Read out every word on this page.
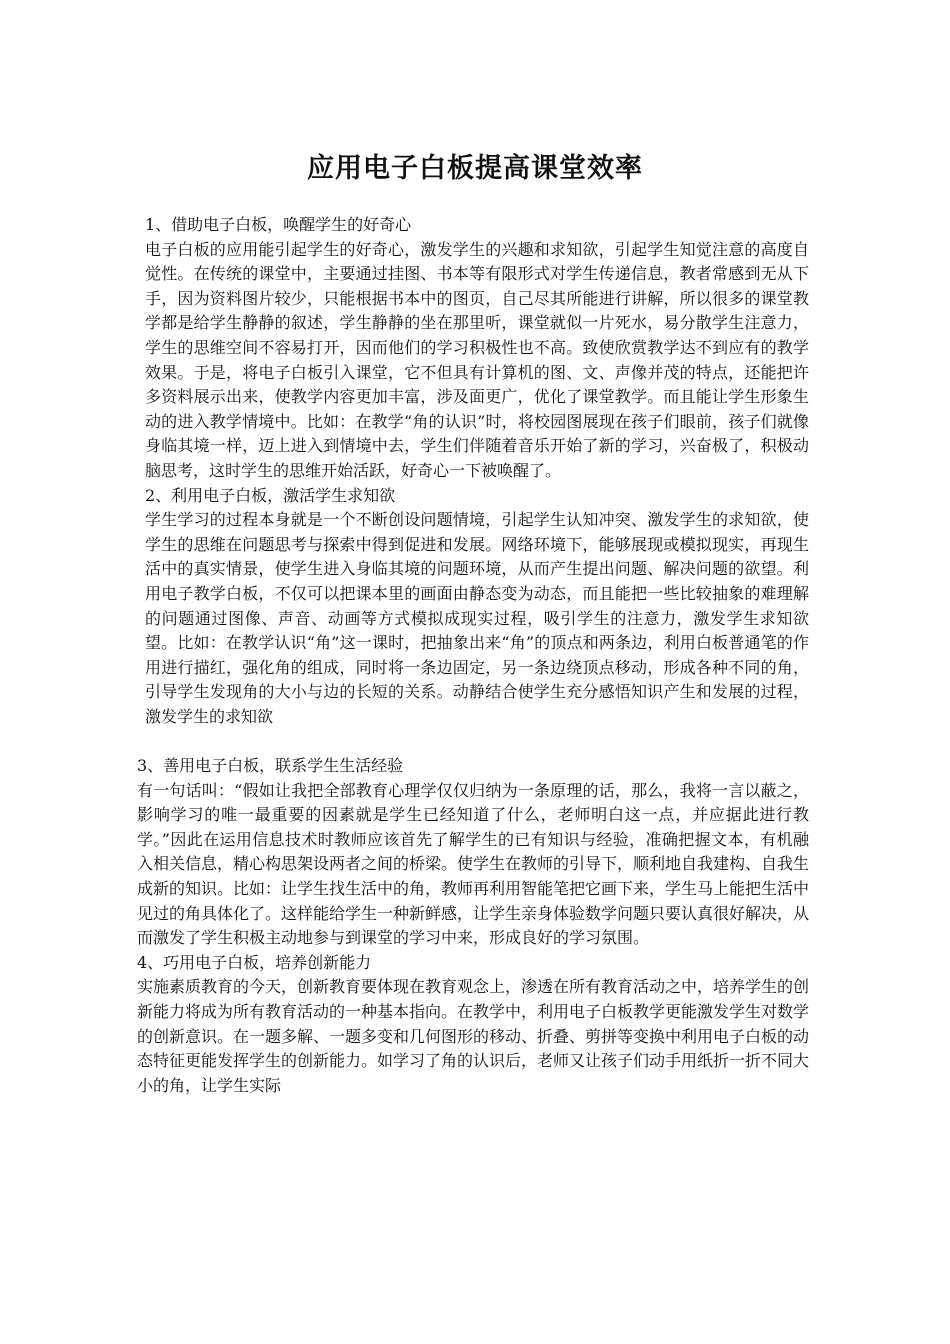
应用电子白板提高课堂效率

1、借助电子白板，唤醒学生的好奇心

电子白板的应用能引起学生的好奇心，激发学生的兴趣和求知欲，引起学生知觉注意的高度自觉性。在传统的课堂中，主要通过挂图、书本等有限形式对学生传递信息，教者常感到无从下手，因为资料图片较少，只能根据书本中的图页，自己尽其所能进行讲解，所以很多的课堂教学都是给学生静静的叙述，学生静静的坐在那里听，课堂就似一片死水，易分散学生注意力，学生的思维空间不容易打开，因而他们的学习积极性也不高。致使欣赏教学达不到应有的教学效果。于是，将电子白板引入课堂，它不但具有计算机的图、文、声像并茂的特点，还能把许多资料展示出来，使教学内容更加丰富，涉及面更广，优化了课堂教学。而且能让学生形象生动的进入教学情境中。比如：在教学“角的认识”时，将校园图展现在孩子们眼前，孩子们就像身临其境一样，迈上进入到情境中去，学生们伴随着音乐开始了新的学习，兴奋极了，积极动脑思考，这时学生的思维开始活跃，好奇心一下被唤醒了。

2、利用电子白板，激活学生求知欲

学生学习的过程本身就是一个不断创设问题情境，引起学生认知冲突、激发学生的求知欲，使学生的思维在问题思考与探索中得到促进和发展。网络环境下，能够展现或模拟现实，再现生活中的真实情景，使学生进入身临其境的问题环境，从而产生提出问题、解决问题的欲望。利用电子教学白板，不仅可以把课本里的画面由静态变为动态，而且能把一些比较抽象的难理解的问题通过图像、声音、动画等方式模拟成现实过程，吸引学生的注意力，激发学生求知欲望。比如：在教学认识“角”这一课时，把抽象出来“角”的顶点和两条边，利用白板普通笔的作用进行描红，强化角的组成，同时将一条边固定，另一条边绕顶点移动，形成各种不同的角，引导学生发现角的大小与边的长短的关系。动静结合使学生充分感悟知识产生和发展的过程，激发学生的求知欲

3、善用电子白板，联系学生生活经验

有一句话叫：“假如让我把全部教育心理学仅仅归纳为一条原理的话，那么，我将一言以蔽之，影响学习的唯一最重要的因素就是学生已经知道了什么，老师明白这一点，并应据此进行教学。”因此在运用信息技术时教师应该首先了解学生的已有知识与经验，准确把握文本，有机融入相关信息，精心构思架设两者之间的桥梁。使学生在教师的引导下，顺利地自我建构、自我生成新的知识。比如：让学生找生活中的角，教师再利用智能笔把它画下来，学生马上能把生活中见过的角具体化了。这样能给学生一种新鲜感，让学生亲身体验数学问题只要认真很好解决，从而激发了学生积极主动地参与到课堂的学习中来，形成良好的学习氛围。

4、巧用电子白板，培养创新能力

实施素质教育的今天，创新教育要体现在教育观念上，渗透在所有教育活动之中，培养学生的创新能力将成为所有教育活动的一种基本指向。在教学中，利用电子白板教学更能激发学生对数学的创新意识。在一题多解、一题多变和几何图形的移动、折叠、剪拼等变换中利用电子白板的动态特征更能发挥学生的创新能力。如学习了角的认识后，老师又让孩子们动手用纸折一折不同大小的角，让学生实际
